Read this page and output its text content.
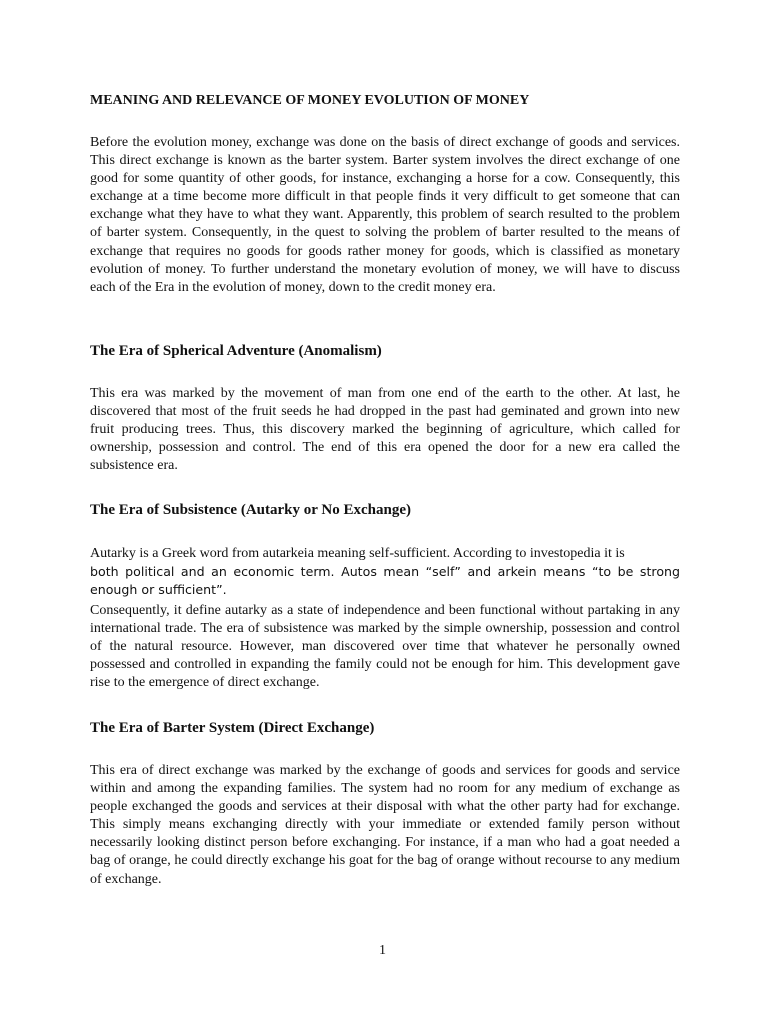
MEANING AND RELEVANCE OF MONEY EVOLUTION OF MONEY

Before the evolution money, exchange was done on the basis of direct exchange of goods and services. This direct exchange is known as the barter system. Barter system involves the direct exchange of one good for some quantity of other goods, for instance, exchanging a horse for a cow. Consequently, this exchange at a time become more difficult in that people finds it very difficult to get someone that can exchange what they have to what they want. Apparently, this problem of search resulted to the problem of barter system. Consequently, in the quest to solving the problem of barter resulted to the means of exchange that requires no goods for goods rather money for goods, which is classified as monetary evolution of money. To further understand the monetary evolution of money, we will have to discuss each of the Era in the evolution of money, down to the credit money era.

The Era of Spherical Adventure (Anomalism)

This era was marked by the movement of man from one end of the earth to the other. At last, he discovered that most of the fruit seeds he had dropped in the past had geminated and grown into new fruit producing trees. Thus, this discovery marked the beginning of agriculture, which called for ownership, possession and control. The end of this era opened the door for a new era called the subsistence era.

The Era of Subsistence (Autarky or No Exchange)

Autarky is a Greek word from autarkeia meaning self-sufficient. According to investopedia it is

both political and an economic term. Autos mean “self” and arkein means “to be strong enough or sufficient”.

Consequently, it define autarky as a state of independence and been functional without partaking in any international trade. The era of subsistence was marked by the simple ownership, possession and control of the natural resource. However, man discovered over time that whatever he personally owned possessed and controlled in expanding the family could not be enough for him. This development gave rise to the emergence of direct exchange.

The Era of Barter System (Direct Exchange)

This era of direct exchange was marked by the exchange of goods and services for goods and service within and among the expanding families. The system had no room for any medium of exchange as people exchanged the goods and services at their disposal with what the other party had for exchange. This simply means exchanging directly with your immediate or extended family person without necessarily looking distinct person before exchanging. For instance, if a man who had a goat needed a bag of orange, he could directly exchange his goat for the bag of orange without recourse to any medium of exchange.

1
